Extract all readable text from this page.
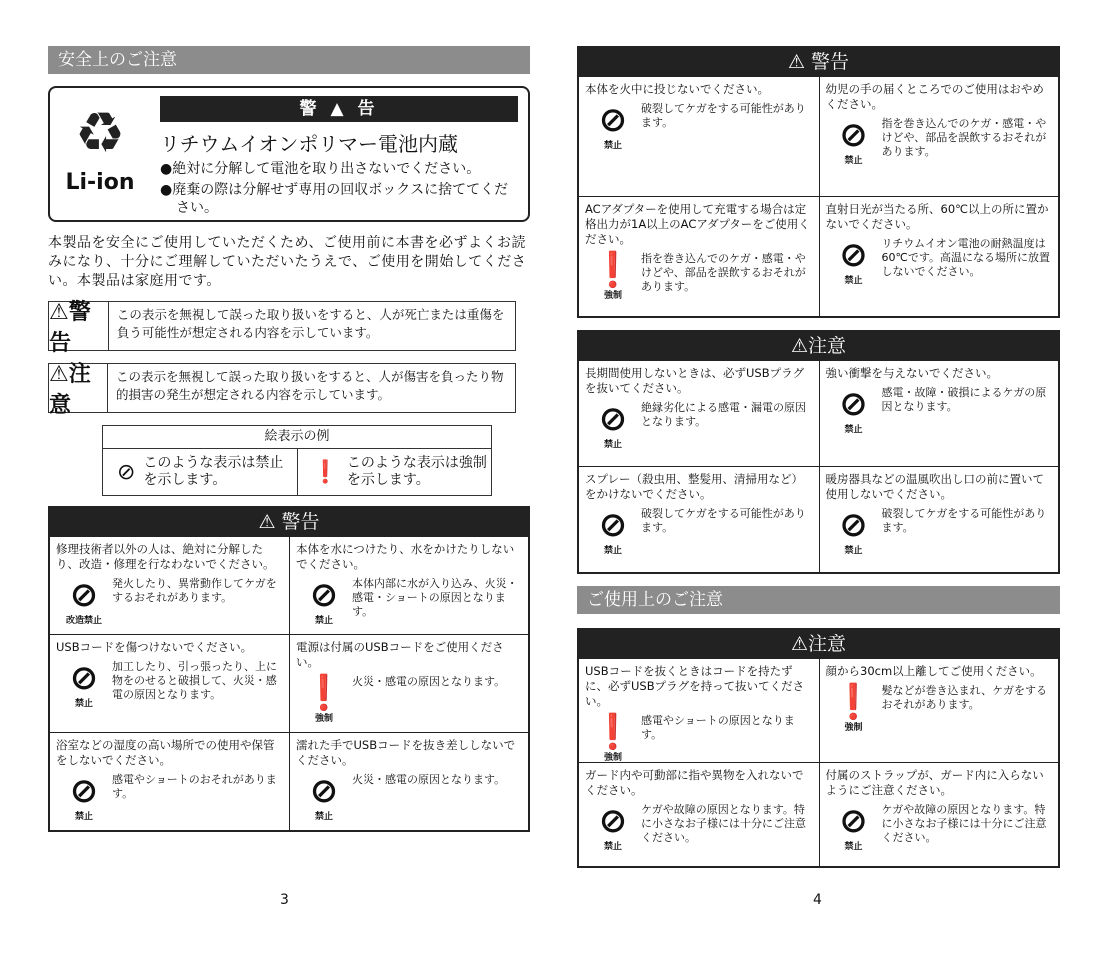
安全上のご注意
♻
Li-ion
警 ▲ 告
リチウムイオンポリマー電池内蔵
●絶対に分解して電池を取り出さないでください。
●廃棄の際は分解せず専用の回収ボックスに捨ててください。
本製品を安全にご使用していただくため、ご使用前に本書を必ずよくお読みになり、十分にご理解していただいたうえで、ご使用を開始してください。本製品は家庭用です。
⚠警告
この表示を無視して誤った取り扱いをすると、人が死亡または重傷を負う可能性が想定される内容を示しています。
⚠注意
この表示を無視して誤った取り扱いをすると、人が傷害を負ったり物的損害の発生が想定される内容を示しています。
絵表示の例
⊘ このような表示は禁止を示します。	❗ このような表示は強制を示します。
⚠ 警告
修理技術者以外の人は、絶対に分解したり、改造・修理を行なわないでください。
⊘
改造禁止
発火したり、異常動作してケガをするおそれがあります。
本体を水につけたり、水をかけたりしないでください。
⊘
禁止
本体内部に水が入り込み、火災・感電・ショートの原因となります。
USBコードを傷つけないでください。
⊘
禁止
加工したり、引っ張ったり、上に物をのせると破損して、火災・感電の原因となります。
電源は付属のUSBコードをご使用ください。
❗
強制
火災・感電の原因となります。
浴室などの湿度の高い場所での使用や保管をしないでください。
⊘
禁止
感電やショートのおそれがあります。
濡れた手でUSBコードを抜き差ししないでください。
⊘
禁止
火災・感電の原因となります。
3
⚠ 警告
本体を火中に投じないでください。
⊘
禁止
破裂してケガをする可能性があります。
幼児の手の届くところでのご使用はおやめください。
⊘
禁止
指を巻き込んでのケガ・感電・やけどや、部品を誤飲するおそれがあります。
ACアダプターを使用して充電する場合は定格出力が1A以上のACアダプターをご使用ください。
❗
強制
指を巻き込んでのケガ・感電・やけどや、部品を誤飲するおそれがあります。
直射日光が当たる所、60℃以上の所に置かないでください。
⊘
禁止
リチウムイオン電池の耐熱温度は60℃です。高温になる場所に放置しないでください。
⚠注意
長期間使用しないときは、必ずUSBプラグを抜いてください。
⊘
禁止
絶縁劣化による感電・漏電の原因となります。
強い衝撃を与えないでください。
⊘
禁止
感電・故障・破損によるケガの原因となります。
スプレー（殺虫用、整髪用、清掃用など）をかけないでください。
⊘
禁止
破裂してケガをする可能性があります。
暖房器具などの温風吹出し口の前に置いて使用しないでください。
⊘
禁止
破裂してケガをする可能性があります。
ご使用上のご注意
⚠注意
USBコードを抜くときはコードを持たずに、必ずUSBプラグを持って抜いてください。
❗
強制
感電やショートの原因となります。
顔から30cm以上離してご使用ください。
❗
強制
髪などが巻き込まれ、ケガをするおそれがあります。
ガード内や可動部に指や異物を入れないでください。
⊘
禁止
ケガや故障の原因となります。特に小さなお子様には十分にご注意ください。
付属のストラップが、ガード内に入らないようにご注意ください。
⊘
禁止
ケガや故障の原因となります。特に小さなお子様には十分にご注意ください。
4
